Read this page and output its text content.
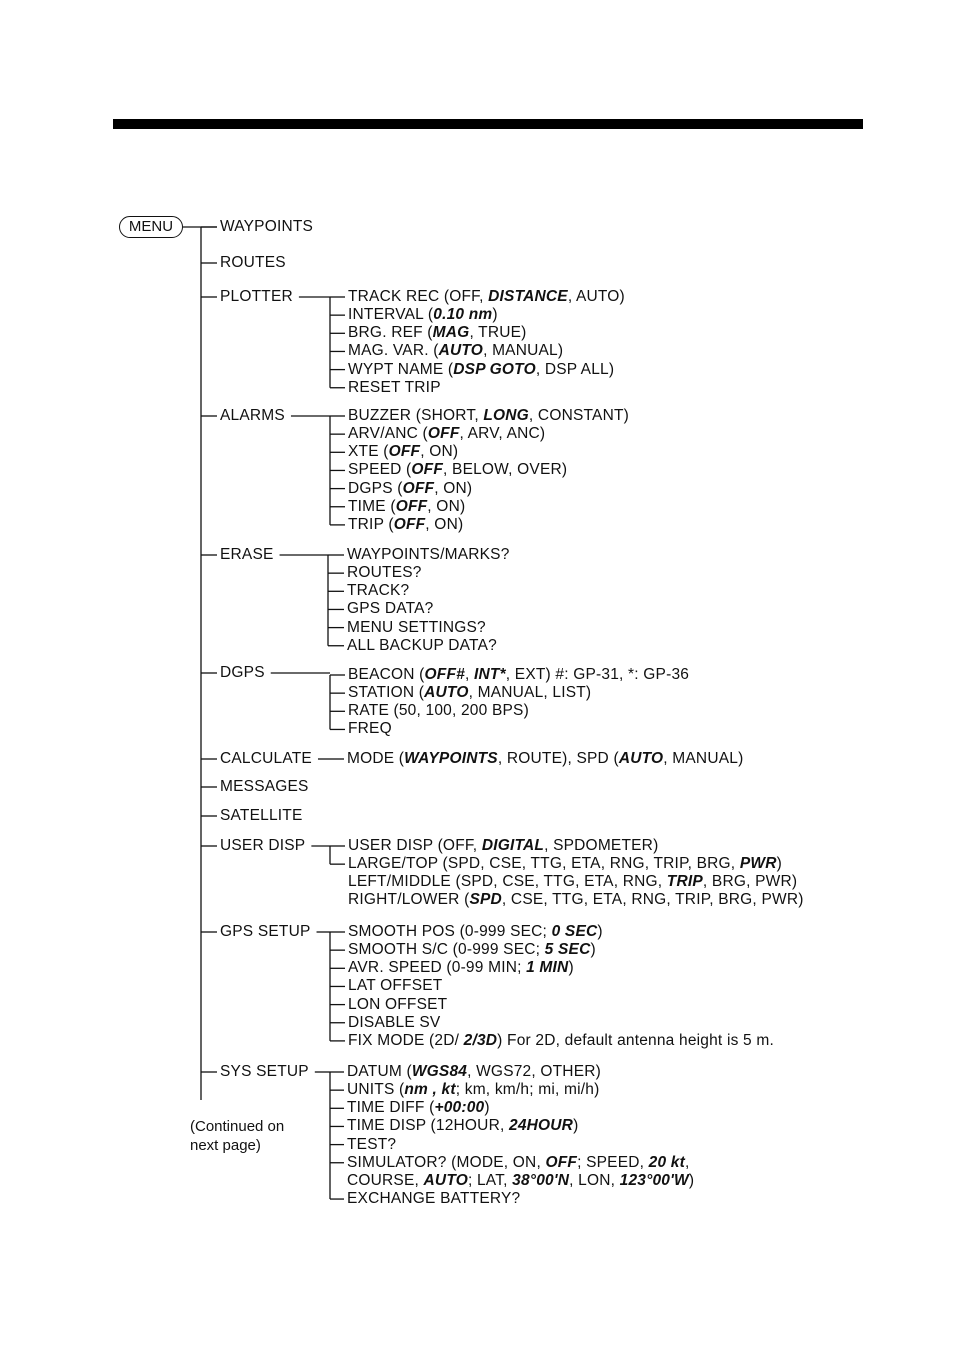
MENU
(Continued on
next page)
WAYPOINTS
ROUTES
PLOTTER	TRACK REC (OFF, DISTANCE, AUTO)
INTERVAL (0.10 nm)
BRG. REF (MAG, TRUE)
MAG. VAR. (AUTO, MANUAL)
WYPT NAME (DSP GOTO, DSP ALL)
RESET TRIP
ALARMS	BUZZER (SHORT, LONG, CONSTANT)
ARV/ANC (OFF, ARV, ANC)
XTE (OFF, ON)
SPEED (OFF, BELOW, OVER)
DGPS (OFF, ON)
TIME (OFF, ON)
TRIP (OFF, ON)
ERASE	WAYPOINTS/MARKS?
ROUTES?
TRACK?
GPS DATA?
MENU SETTINGS?
ALL BACKUP DATA?
DGPS	BEACON (OFF#, INT*, EXT) #: GP-31, *: GP-36
STATION (AUTO, MANUAL, LIST)
RATE (50, 100, 200 BPS)
FREQ
CALCULATE MODE (WAYPOINTS, ROUTE), SPD (AUTO, MANUAL)
MESSAGES
SATELLITE
USER DISP	USER DISP (OFF, DIGITAL, SPDOMETER)
LARGE/TOP (SPD, CSE, TTG, ETA, RNG, TRIP, BRG, PWR)
LEFT/MIDDLE (SPD, CSE, TTG, ETA, RNG, TRIP, BRG, PWR)
RIGHT/LOWER (SPD, CSE, TTG, ETA, RNG, TRIP, BRG, PWR)
GPS SETUP SMOOTH POS (0-999 SEC; 0 SEC)
SMOOTH S/C (0-999 SEC; 5 SEC)
AVR. SPEED (0-99 MIN; 1 MIN)
LAT OFFSET
LON OFFSET
DISABLE SV
FIX MODE (2D/ 2/3D) For 2D, default antenna height is 5 m.
SYS SETUP DATUM (WGS84, WGS72, OTHER)
UNITS (nm , kt; km, km/h; mi, mi/h)
TIME DIFF (+00:00)
TIME DISP (12HOUR, 24HOUR)
TEST?
SIMULATOR? (MODE, ON, OFF; SPEED, 20 kt,
COURSE, AUTO; LAT, 38°00'N, LON, 123°00'W)
EXCHANGE BATTERY?
